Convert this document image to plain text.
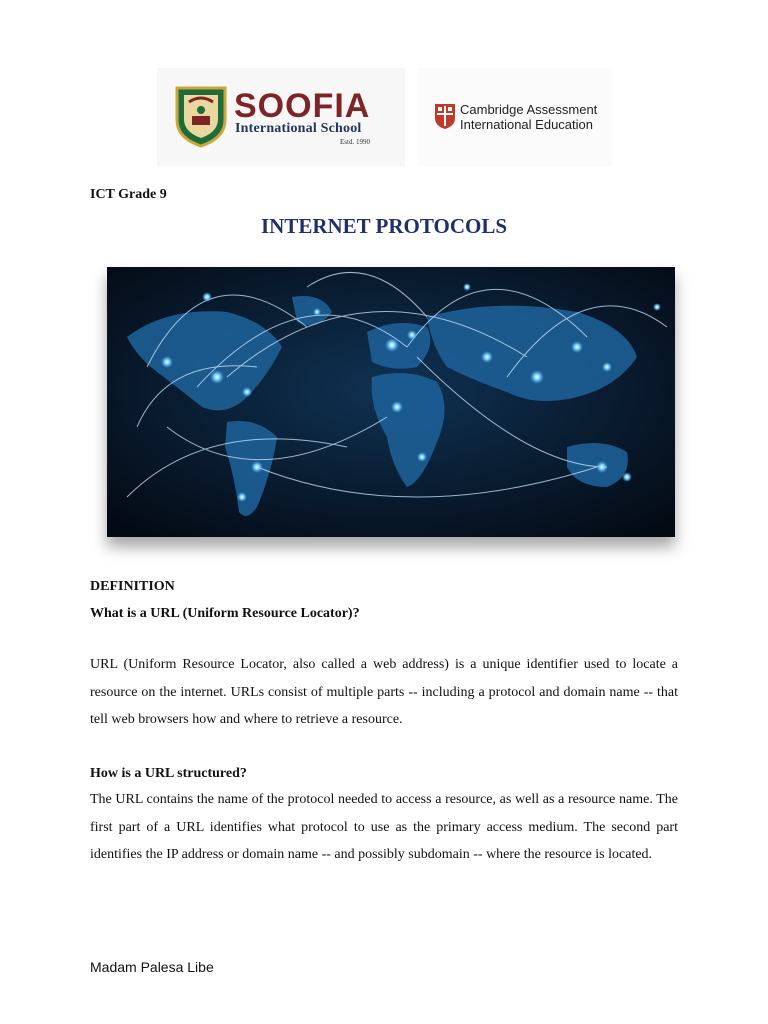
SOOFIA
International School
Estd. 1990
Cambridge Assessment
International Education
ICT Grade 9
INTERNET PROTOCOLS
DEFINITION
What is a URL (Uniform Resource Locator)?
URL (Uniform Resource Locator, also called a web address) is a unique identifier used to locate a resource on the internet. URLs consist of multiple parts -- including a protocol and domain name -- that tell web browsers how and where to retrieve a resource.
How is a URL structured?
The URL contains the name of the protocol needed to access a resource, as well as a resource name. The first part of a URL identifies what protocol to use as the primary access medium. The second part identifies the IP address or domain name -- and possibly subdomain -- where the resource is located.
Madam Palesa Libe
